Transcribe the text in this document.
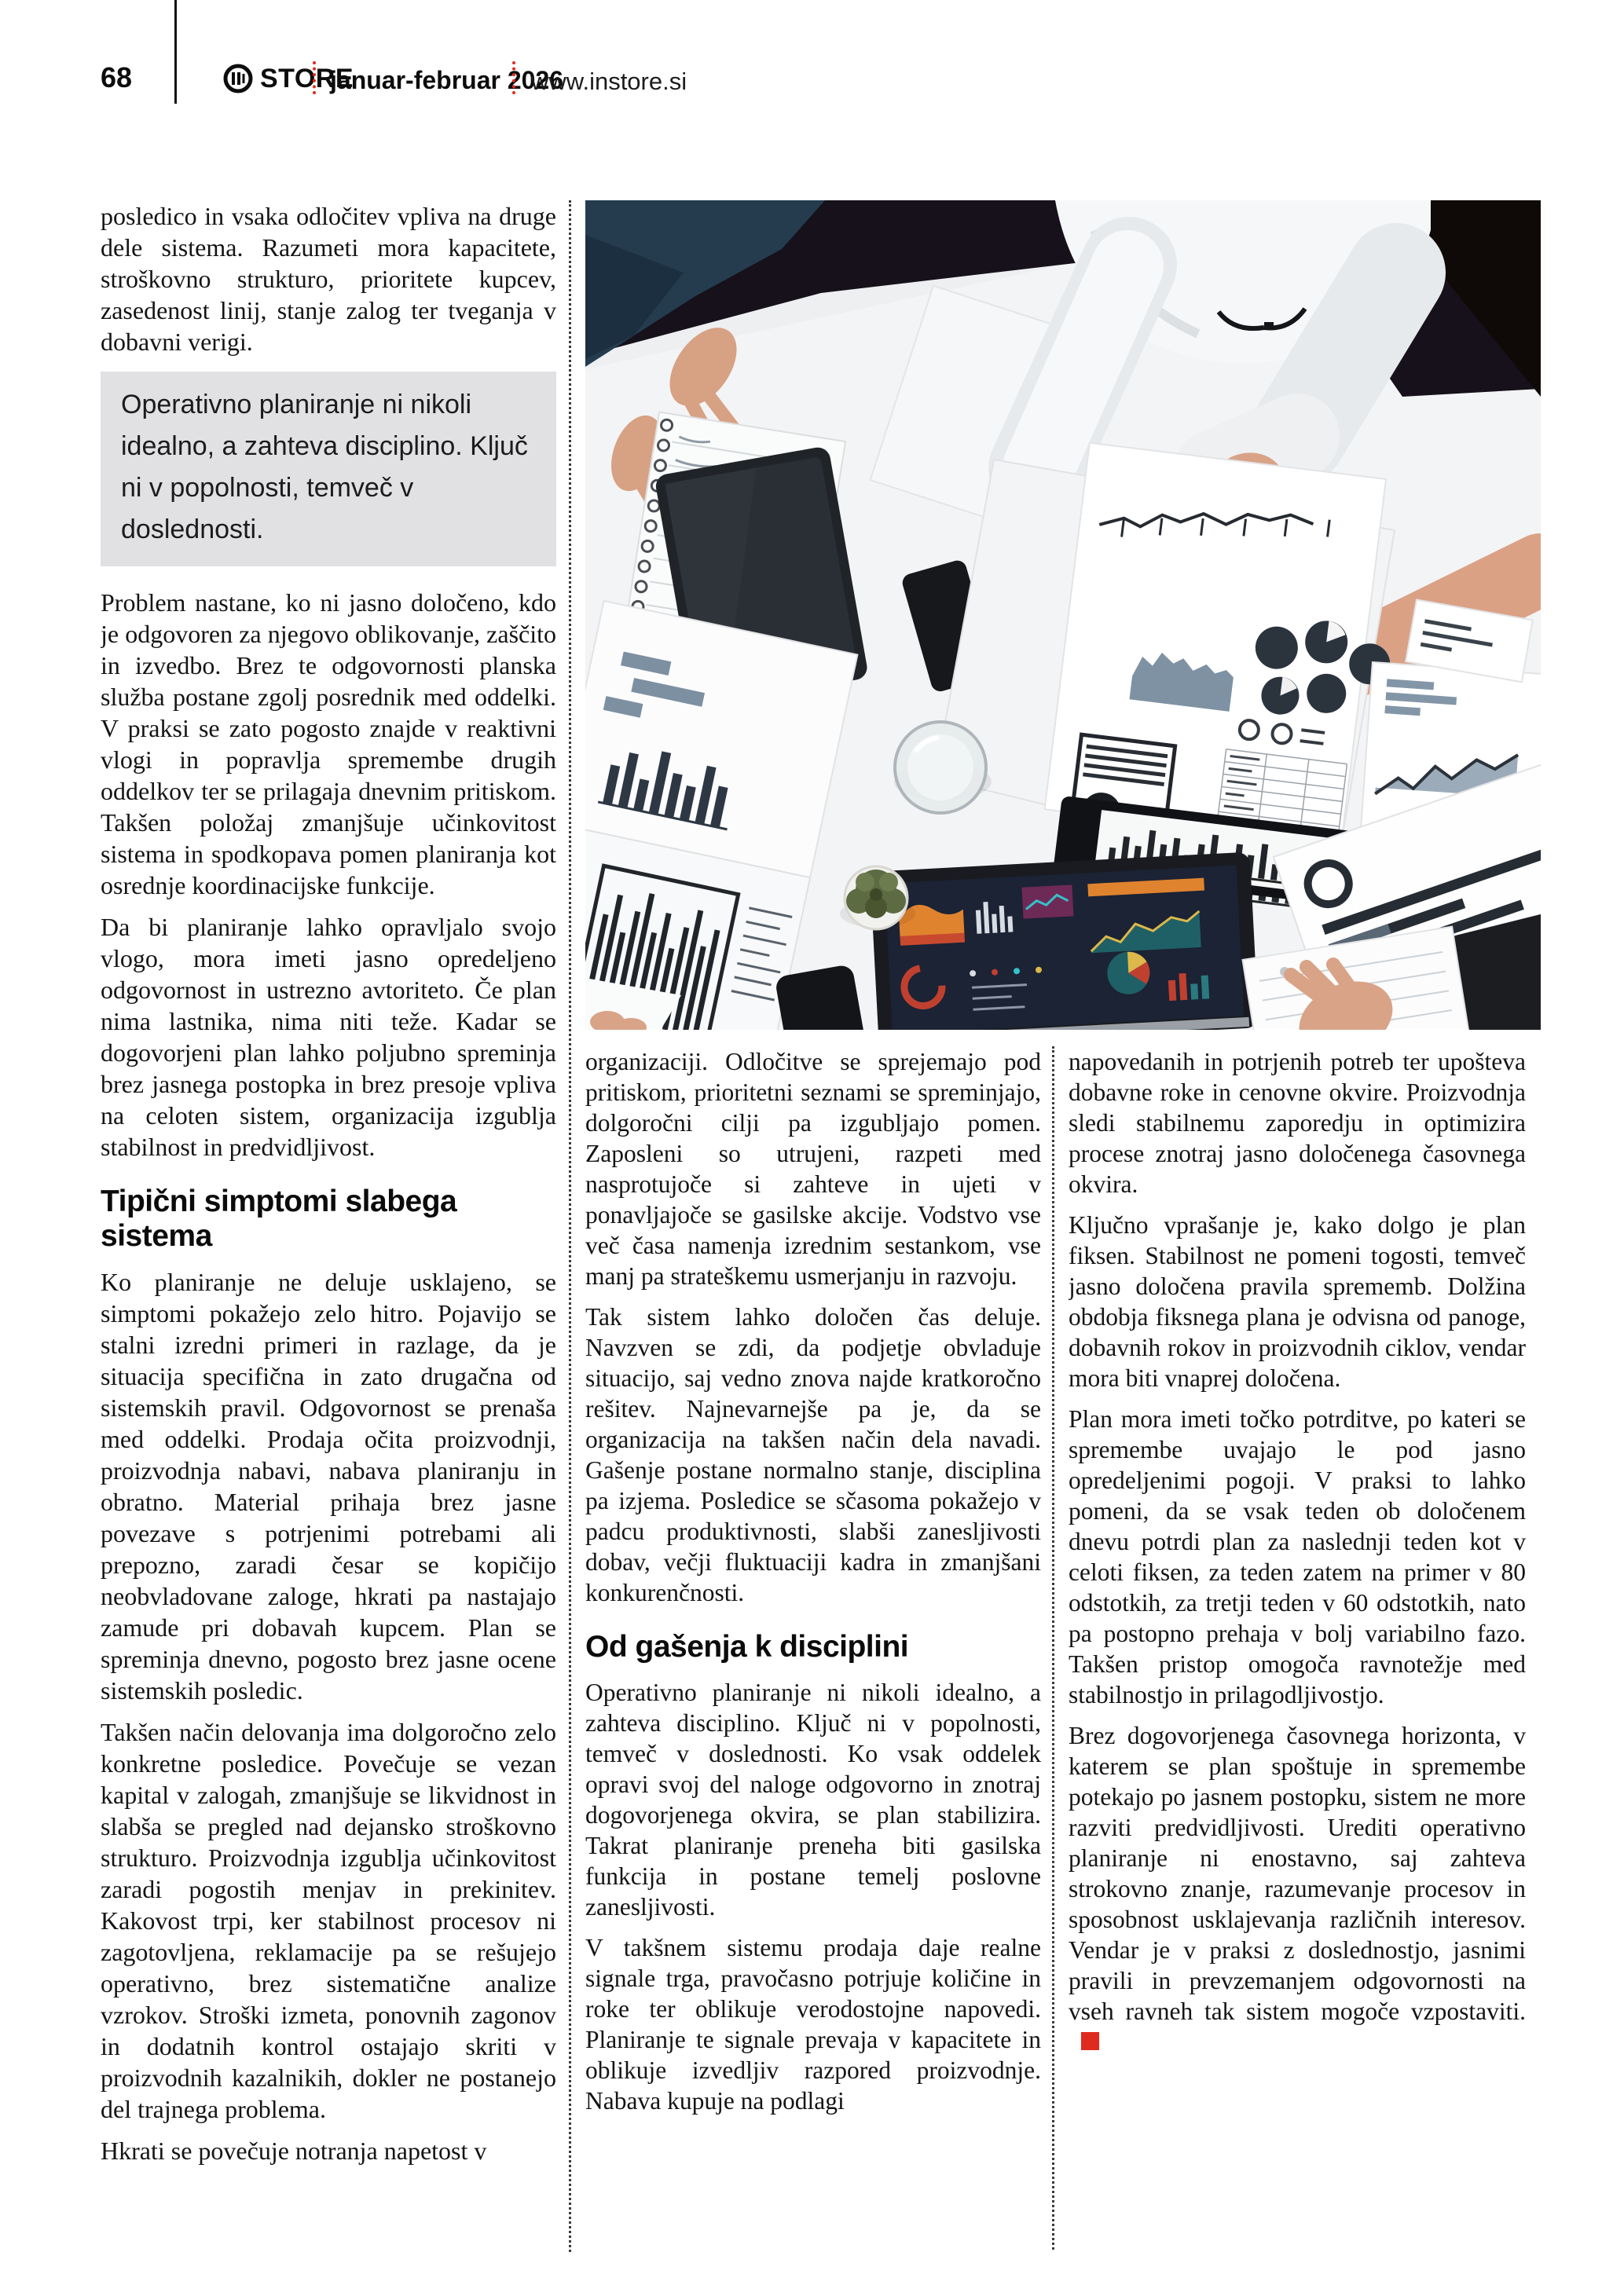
68	STORE
januar-februar 2026
www.instore.si

posledico in vsaka odločitev vpliva na druge dele sistema. Razumeti mora kapacitete, stroškovno strukturo, prioritete kupcev, zasedenost linij, stanje zalog ter tveganja v dobavni verigi.

Operativno planiranje ni nikoli idealno, a zahteva disciplino. Ključ ni v popolnosti, temveč v doslednosti.

Problem nastane, ko ni jasno določeno, kdo je odgovoren za njegovo oblikovanje, zaščito in izvedbo. Brez te odgovornosti planska služba postane zgolj posrednik med oddelki. V praksi se zato pogosto znajde v reaktivni vlogi in popravlja spremembe drugih oddelkov ter se prilagaja dnevnim pritiskom. Takšen položaj zmanjšuje učinkovitost sistema in spodkopava pomen planiranja kot osrednje koordinacijske funkcije.

Da bi planiranje lahko opravljalo svojo vlogo, mora imeti jasno opredeljeno odgovornost in ustrezno avtoriteto. Če plan nima lastnika, nima niti teže. Kadar se dogovorjeni plan lahko poljubno spreminja brez jasnega postopka in brez presoje vpliva na celoten sistem, organizacija izgublja stabilnost in predvidljivost.

Tipični simptomi slabega sistema

Ko planiranje ne deluje usklajeno, se simptomi pokažejo zelo hitro. Pojavijo se stalni izredni primeri in razlage, da je situacija specifična in zato drugačna od sistemskih pravil. Odgovornost se prenaša med oddelki. Prodaja očita proizvodnji, proizvodnja nabavi, nabava planiranju in obratno. Material prihaja brez jasne povezave s potrjenimi potrebami ali prepozno, zaradi česar se kopičijo neobvladovane zaloge, hkrati pa nastajajo zamude pri dobavah kupcem. Plan se spreminja dnevno, pogosto brez jasne ocene sistemskih posledic.

Takšen način delovanja ima dolgoročno zelo konkretne posledice. Povečuje se vezan kapital v zalogah, zmanjšuje se likvidnost in slabša se pregled nad dejansko stroškovno strukturo. Proizvodnja izgublja učinkovitost zaradi pogostih menjav in prekinitev. Kakovost trpi, ker stabilnost procesov ni zagotovljena, reklamacije pa se rešujejo operativno, brez sistematične analize vzrokov. Stroški izmeta, ponovnih zagonov in dodatnih kontrol ostajajo skriti v proizvodnih kazalnikih, dokler ne postanejo del trajnega problema.

Hkrati se povečuje notranja napetost v

organizaciji. Odločitve se sprejemajo pod pritiskom, prioritetni seznami se spreminjajo, dolgoročni cilji pa izgubljajo pomen. Zaposleni so utrujeni, razpeti med nasprotujoče si zahteve in ujeti v ponavljajoče se gasilske akcije. Vodstvo vse več časa namenja izrednim sestankom, vse manj pa strateškemu usmerjanju in razvoju.

Tak sistem lahko določen čas deluje. Navzven se zdi, da podjetje obvladuje situacijo, saj vedno znova najde kratkoročno rešitev. Najnevarnejše pa je, da se organizacija na takšen način dela navadi. Gašenje postane normalno stanje, disciplina pa izjema. Posledice se sčasoma pokažejo v padcu produktivnosti, slabši zanesljivosti dobav, večji fluktuaciji kadra in zmanjšani konkurenčnosti.

Od gašenja k disciplini

Operativno planiranje ni nikoli idealno, a zahteva disciplino. Ključ ni v popolnosti, temveč v doslednosti. Ko vsak oddelek opravi svoj del naloge odgovorno in znotraj dogovorjenega okvira, se plan stabilizira. Takrat planiranje preneha biti gasilska funkcija in postane temelj poslovne zanesljivosti.

V takšnem sistemu prodaja daje realne signale trga, pravočasno potrjuje količine in roke ter oblikuje verodostojne napovedi. Planiranje te signale prevaja v kapacitete in oblikuje izvedljiv razpored proizvodnje. Nabava kupuje na podlagi

napovedanih in potrjenih potreb ter upošteva dobavne roke in cenovne okvire. Proizvodnja sledi stabilnemu zaporedju in optimizira procese znotraj jasno določenega časovnega okvira.

Ključno vprašanje je, kako dolgo je plan fiksen. Stabilnost ne pomeni togosti, temveč jasno določena pravila sprememb. Dolžina obdobja fiksnega plana je odvisna od panoge, dobavnih rokov in proizvodnih ciklov, vendar mora biti vnaprej določena.

Plan mora imeti točko potrditve, po kateri se spremembe uvajajo le pod jasno opredeljenimi pogoji. V praksi to lahko pomeni, da se vsak teden ob določenem dnevu potrdi plan za naslednji teden kot v celoti fiksen, za teden zatem na primer v 80 odstotkih, za tretji teden v 60 odstotkih, nato pa postopno prehaja v bolj variabilno fazo. Takšen pristop omogoča ravnotežje med stabilnostjo in prilagodljivostjo.

Brez dogovorjenega časovnega horizonta, v katerem se plan spoštuje in spremembe potekajo po jasnem postopku, sistem ne more razviti predvidljivosti. Urediti operativno planiranje ni enostavno, saj zahteva strokovno znanje, razumevanje procesov in sposobnost usklajevanja različnih interesov. Vendar je v praksi z doslednostjo, jasnimi pravili in prevzemanjem odgovornosti na vseh ravneh tak sistem mogoče vzpostaviti.
